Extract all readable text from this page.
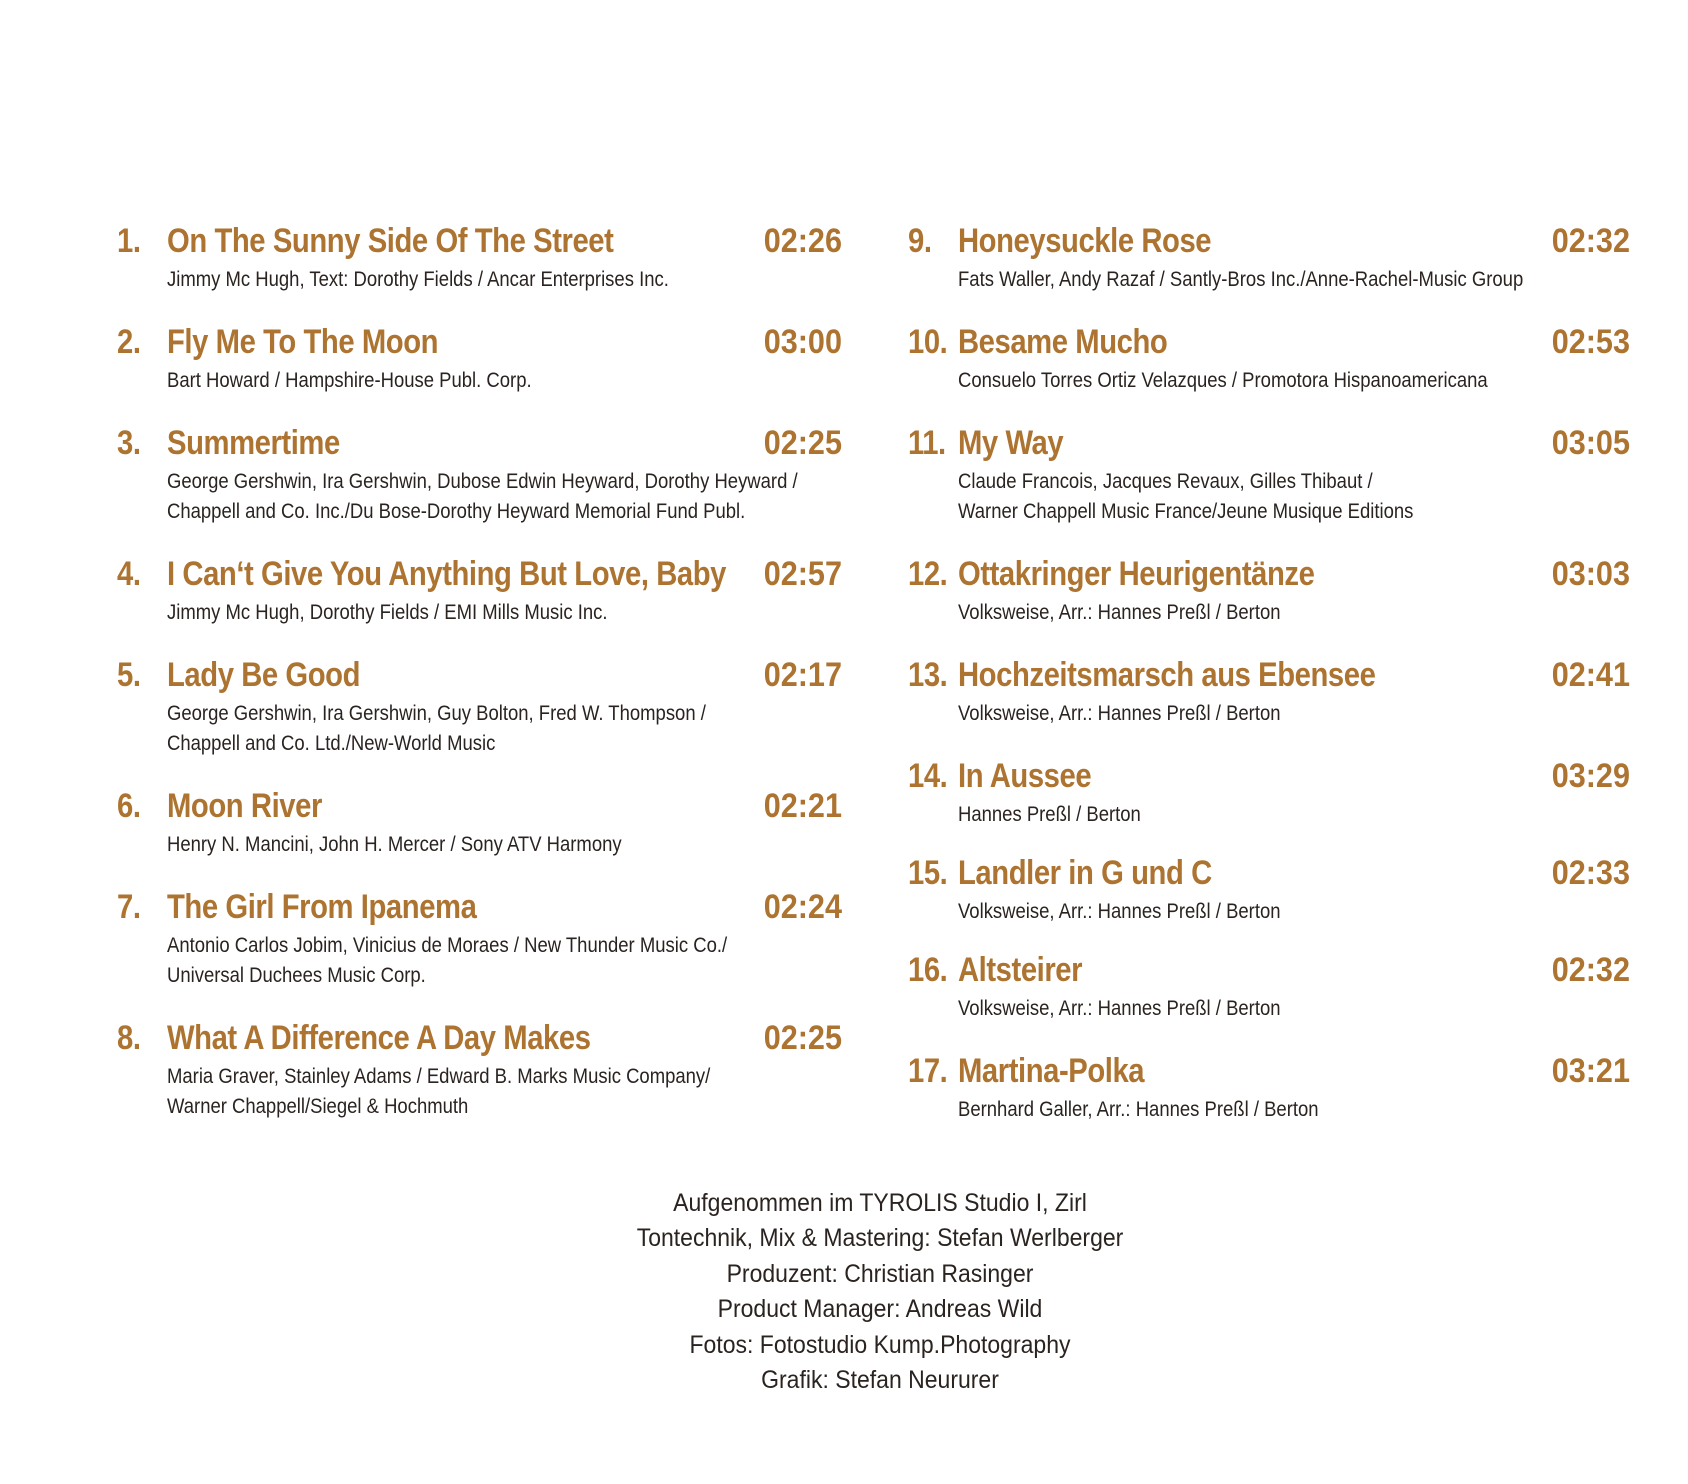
1. On The Sunny Side Of The Street	02:26
Jimmy Mc Hugh, Text: Dorothy Fields / Ancar Enterprises Inc.
2. Fly Me To The Moon	03:00
Bart Howard / Hampshire-House Publ. Corp.
3. Summertime	02:25
George Gershwin, Ira Gershwin, Dubose Edwin Heyward, Dorothy Heyward /
Chappell and Co. Inc./Du Bose-Dorothy Heyward Memorial Fund Publ.
4. I Can‘t Give You Anything But Love, Baby 02:57
Jimmy Mc Hugh, Dorothy Fields / EMI Mills Music Inc.
5. Lady Be Good	02:17
George Gershwin, Ira Gershwin, Guy Bolton, Fred W. Thompson /
Chappell and Co. Ltd./New-World Music
6. Moon River	02:21
Henry N. Mancini, John H. Mercer / Sony ATV Harmony
7. The Girl From Ipanema	02:24
Antonio Carlos Jobim, Vinicius de Moraes / New Thunder Music Co./
Universal Duchees Music Corp.
8. What A Difference A Day Makes	02:25
Maria Graver, Stainley Adams / Edward B. Marks Music Company/
Warner Chappell/Siegel & Hochmuth
9. Honeysuckle Rose	02:32
Fats Waller, Andy Razaf / Santly-Bros Inc./Anne-Rachel-Music Group
10. Besame Mucho	02:53
Consuelo Torres Ortiz Velazques / Promotora Hispanoamericana
11. My Way	03:05
Claude Francois, Jacques Revaux, Gilles Thibaut /
Warner Chappell Music France/Jeune Musique Editions
12. Ottakringer Heurigentänze	03:03
Volksweise, Arr.: Hannes Preßl / Berton
13. Hochzeitsmarsch aus Ebensee	02:41
Volksweise, Arr.: Hannes Preßl / Berton
14. In Aussee	03:29
Hannes Preßl / Berton
15. Landler in G und C	02:33
Volksweise, Arr.: Hannes Preßl / Berton
16. Altsteirer	02:32
Volksweise, Arr.: Hannes Preßl / Berton
17. Martina-Polka	03:21
Bernhard Galler, Arr.: Hannes Preßl / Berton
Aufgenommen im TYROLIS Studio I, Zirl
Tontechnik, Mix & Mastering: Stefan Werlberger
Produzent: Christian Rasinger
Product Manager: Andreas Wild
Fotos: Fotostudio Kump.Photography
Grafik: Stefan Neururer
